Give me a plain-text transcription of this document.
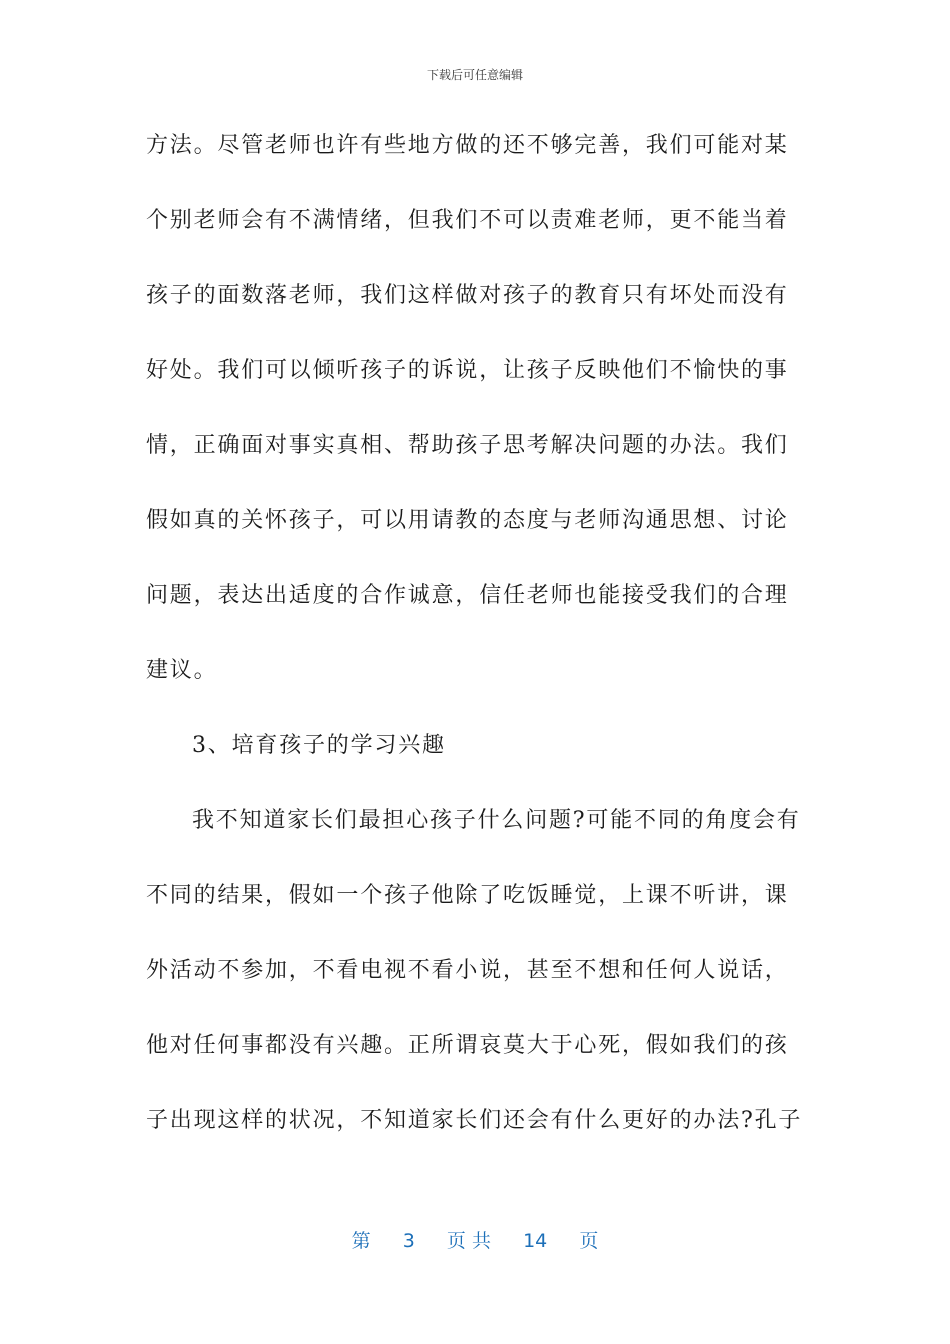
下载后可任意编辑
方法。尽管老师也许有些地方做的还不够完善，我们可能对某
个别老师会有不满情绪，但我们不可以责难老师，更不能当着
孩子的面数落老师，我们这样做对孩子的教育只有坏处而没有
好处。我们可以倾听孩子的诉说，让孩子反映他们不愉快的事
情，正确面对事实真相、帮助孩子思考解决问题的办法。我们
假如真的关怀孩子，可以用请教的态度与老师沟通思想、讨论
问题，表达出适度的合作诚意，信任老师也能接受我们的合理
建议。
3、培育孩子的学习兴趣
我不知道家长们最担心孩子什么问题?可能不同的角度会有
不同的结果，假如一个孩子他除了吃饭睡觉，上课不听讲，课
外活动不参加，不看电视不看小说，甚至不想和任何人说话，
他对任何事都没有兴趣。正所谓哀莫大于心死，假如我们的孩
子出现这样的状况，不知道家长们还会有什么更好的办法?孔子
第 3 页 共 14 页
